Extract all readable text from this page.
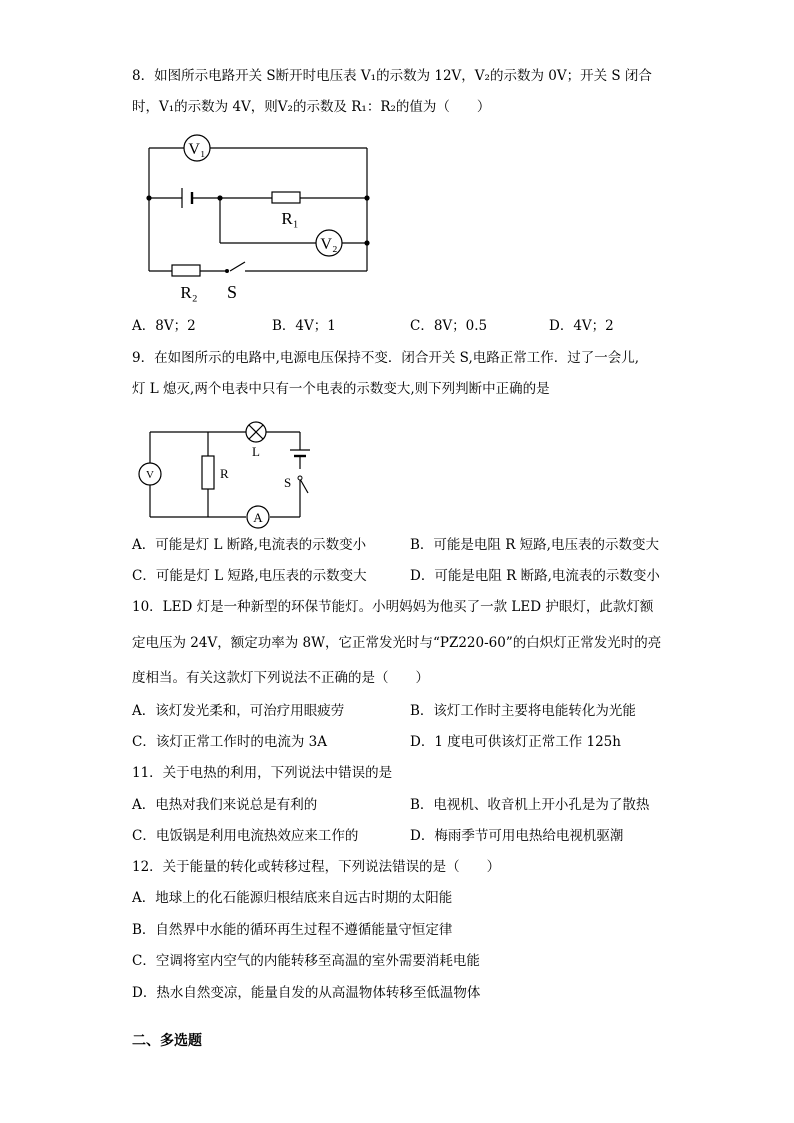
8．如图所示电路开关 S断开时电压表 V₁的示数为 12V，V₂的示数为 0V；开关 S 闭合
时，V₁的示数为 4V，则V₂的示数及 R₁：R₂的值为（　　）
V₁
V₂
R₁
R₂ S
A．8V；2	B．4V；1	C．8V；0.5	D．4V；2
9．在如图所示的电路中,电源电压保持不变．闭合开关 S,电路正常工作．过了一会儿,
灯 L 熄灭,两个电表中只有一个电表的示数变大,则下列判断中正确的是
V	R
L
S
A
A．可能是灯 L 断路,电流表的示数变小	B．可能是电阻 R 短路,电压表的示数变大
C．可能是灯 L 短路,电压表的示数变大	D．可能是电阻 R 断路,电流表的示数变小
10．LED 灯是一种新型的环保节能灯。小明妈妈为他买了一款 LED 护眼灯，此款灯额
定电压为 24V，额定功率为 8W，它正常发光时与“PZ220-60”的白炽灯正常发光时的亮
度相当。有关这款灯下列说法不正确的是（　　）
A．该灯发光柔和，可治疗用眼疲劳	B．该灯工作时主要将电能转化为光能
C．该灯正常工作时的电流为 3A	D．1 度电可供该灯正常工作 125h
11．关于电热的利用，下列说法中错误的是
A．电热对我们来说总是有利的	B．电视机、收音机上开小孔是为了散热
C．电饭锅是利用电流热效应来工作的	D．梅雨季节可用电热给电视机驱潮
12．关于能量的转化或转移过程，下列说法错误的是（　　）
A．地球上的化石能源归根结底来自远古时期的太阳能
B．自然界中水能的循环再生过程不遵循能量守恒定律
C．空调将室内空气的内能转移至高温的室外需要消耗电能
D．热水自然变凉，能量自发的从高温物体转移至低温物体
二、多选题
